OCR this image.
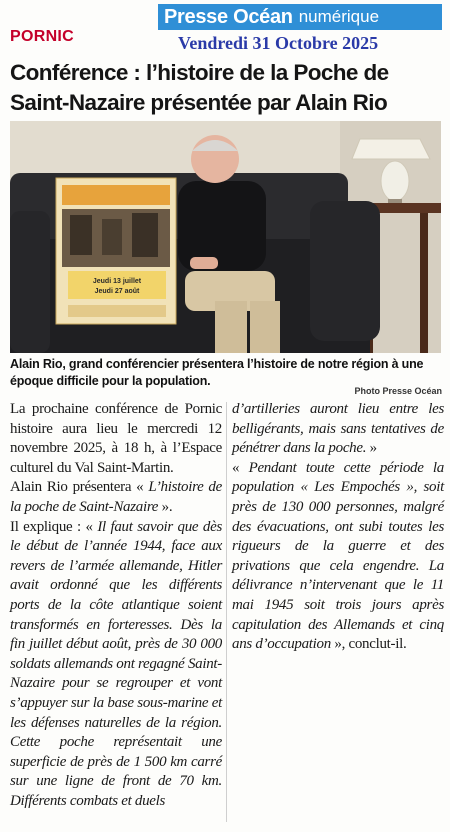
Presse Océan numérique
PORNIC	Vendredi 31 Octobre 2025
Conférence : l’histoire de la Poche de Saint-Nazaire présentée par Alain Rio
Jeudi 13 juillet
Jeudi 27 août

Alain Rio, grand conférencier présentera l’histoire de notre région à une époque difficile pour la population.

Photo Presse Océan

La prochaine conférence de Pornic histoire aura lieu le mercredi 12 novembre 2025, à 18 h, à l’Espace culturel du Val Saint-Martin.

Alain Rio présentera « L’histoire de la poche de Saint-Nazaire ».

Il explique : « Il faut savoir que dès le début de l’année 1944, face aux revers de l’armée allemande, Hitler avait ordonné que les différents ports de la côte atlantique soient transformés en forteresses. Dès la fin juillet début août, près de 30 000 soldats allemands ont regagné Saint-Nazaire pour se regrouper et vont s’appuyer sur la base sous-marine et les défenses naturelles de la région. Cette poche représentait une superficie de près de 1 500 km carré sur une ligne de front de 70 km. Différents combats et duels

d’artilleries auront lieu entre les belligérants, mais sans tentatives de pénétrer dans la poche. »

« Pendant toute cette période la population « Les Empochés », soit près de 130 000 personnes, malgré des évacuations, ont subi toutes les rigueurs de la guerre et des privations que cela engendre. La délivrance n’intervenant que le 11 mai 1945 soit trois jours après capitulation des Allemands et cinq ans d’occupation », conclut-il.
